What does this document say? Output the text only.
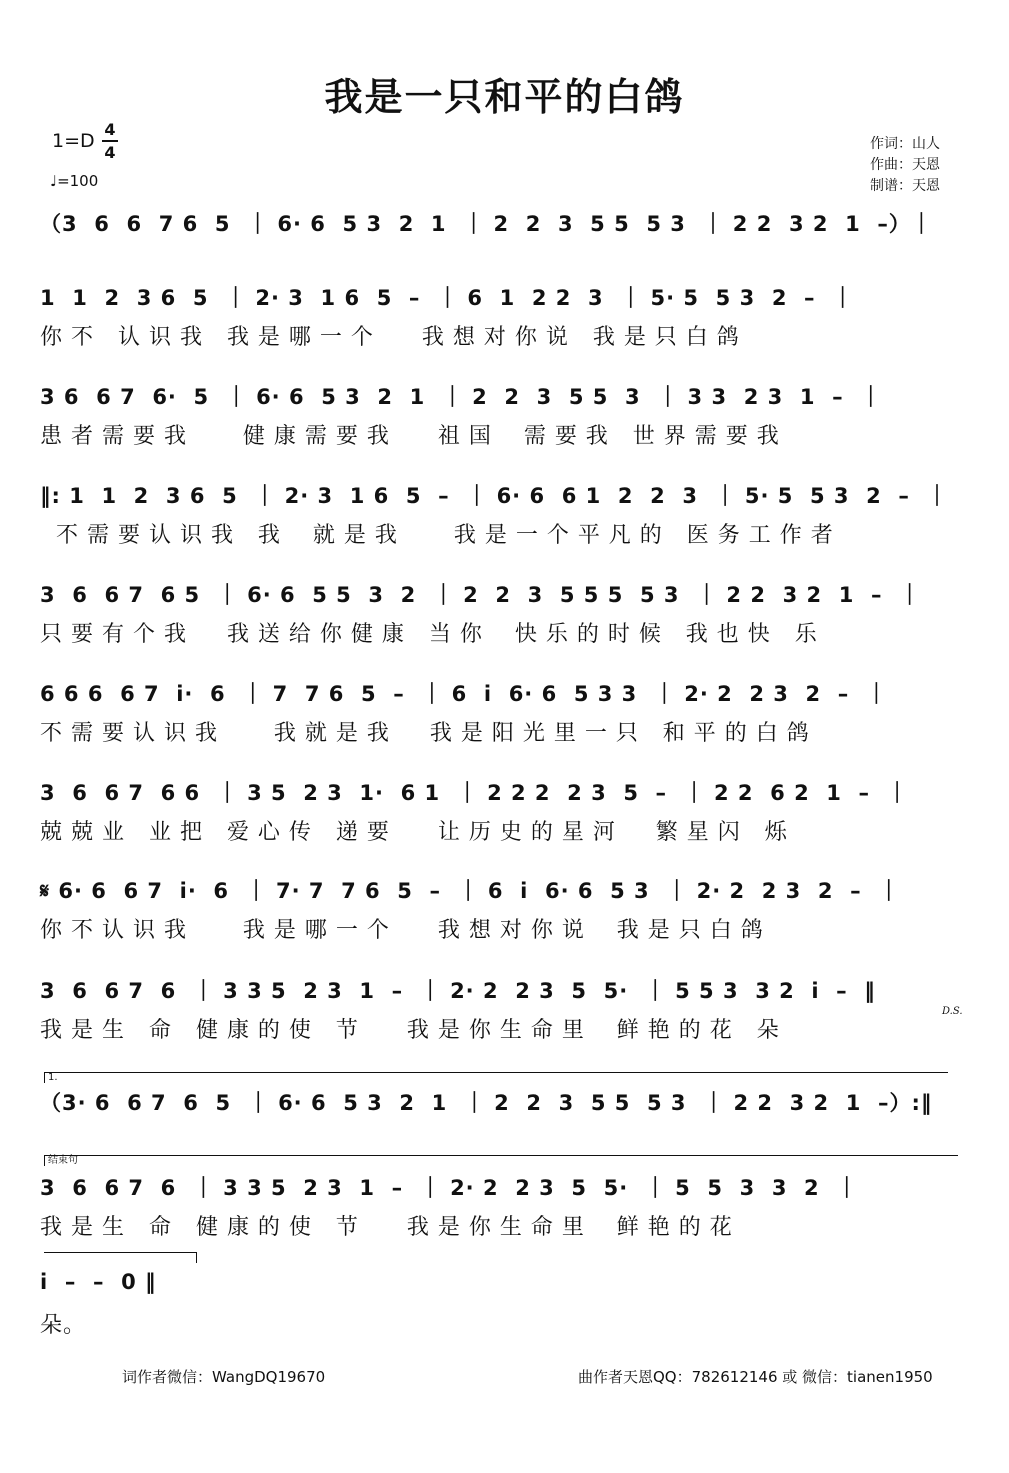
我是一只和平的白鸽
1=D
4
4
♩=100
作词：山人
作曲：天恩
制谱：天恩
（3  6  6  7 6  5  ｜ 6· 6  5 3  2  1  ｜ 2  2  3  5 5  5 3  ｜ 2 2  3 2  1  –）｜
1  1  2  3 6  5  ｜ 2· 3  1 6  5  –  ｜ 6  1  2 2  3  ｜ 5· 5  5 3  2  –  ｜
你 不   认 识 我   我 是 哪 一 个      我 想 对 你 说   我 是 只 白 鸽
3 6  6 7  6·  5  ｜ 6· 6  5 3  2  1  ｜ 2  2  3  5 5  3  ｜ 3 3  2 3  1  –  ｜
患 者 需 要 我       健 康 需 要 我      祖 国    需 要 我   世 界 需 要 我
‖: 1  1  2  3 6  5  ｜ 2· 3  1 6  5  –  ｜ 6· 6  6 1  2  2  3  ｜ 5· 5  5 3  2  –  ｜
不 需 要 认 识 我   我    就 是 我       我 是 一 个 平 凡 的   医 务 工 作 者
3  6  6 7  6 5  ｜ 6· 6  5 5  3  2  ｜ 2  2  3  5 5 5  5 3  ｜ 2 2  3 2  1  –  ｜
只 要 有 个 我     我 送 给 你 健 康   当 你    快 乐 的 时 候   我 也 快   乐
6 6 6  6 7  i·  6  ｜ 7  7 6  5  –  ｜ 6  i  6· 6  5 3 3  ｜ 2· 2  2 3  2  –  ｜
不 需 要 认 识 我       我 就 是 我     我 是 阳 光 里 一 只   和 平 的 白 鸽
3  6  6 7  6 6  ｜ 3 5  2 3  1·  6 1  ｜ 2 2 2  2 3  5  –  ｜ 2 2  6 2  1  –  ｜
兢 兢 业   业 把   爱 心 传   递 要      让 历 史 的 星 河     繁 星 闪   烁
𝄋 6· 6  6 7  i·  6  ｜ 7· 7  7 6  5  –  ｜ 6  i  6· 6  5 3  ｜ 2· 2  2 3  2  –  ｜
你 不 认 识 我       我 是 哪 一 个      我 想 对 你 说    我 是 只 白 鸽
3  6  6 7  6  ｜ 3 3 5  2 3  1  –  ｜ 2· 2  2 3  5  5·  ｜ 5 5 3  3 2  i  –  ‖
我 是 生   命   健 康 的 使   节      我 是 你 生 命 里    鲜 艳 的 花   朵
D.S.
1.
（3· 6  6 7  6  5  ｜ 6· 6  5 3  2  1  ｜ 2  2  3  5 5  5 3  ｜ 2 2  3 2  1  –）:‖
结束句
3  6  6 7  6  ｜ 3 3 5  2 3  1  –  ｜ 2· 2  2 3  5  5·  ｜ 5  5  3  3  2  ｜
我 是 生   命   健 康 的 使   节      我 是 你 生 命 里    鲜 艳 的 花
i  –  –  0 ‖
朵。
词作者微信：WangDQ19670	曲作者天恩QQ：782612146 或 微信：tianen1950
